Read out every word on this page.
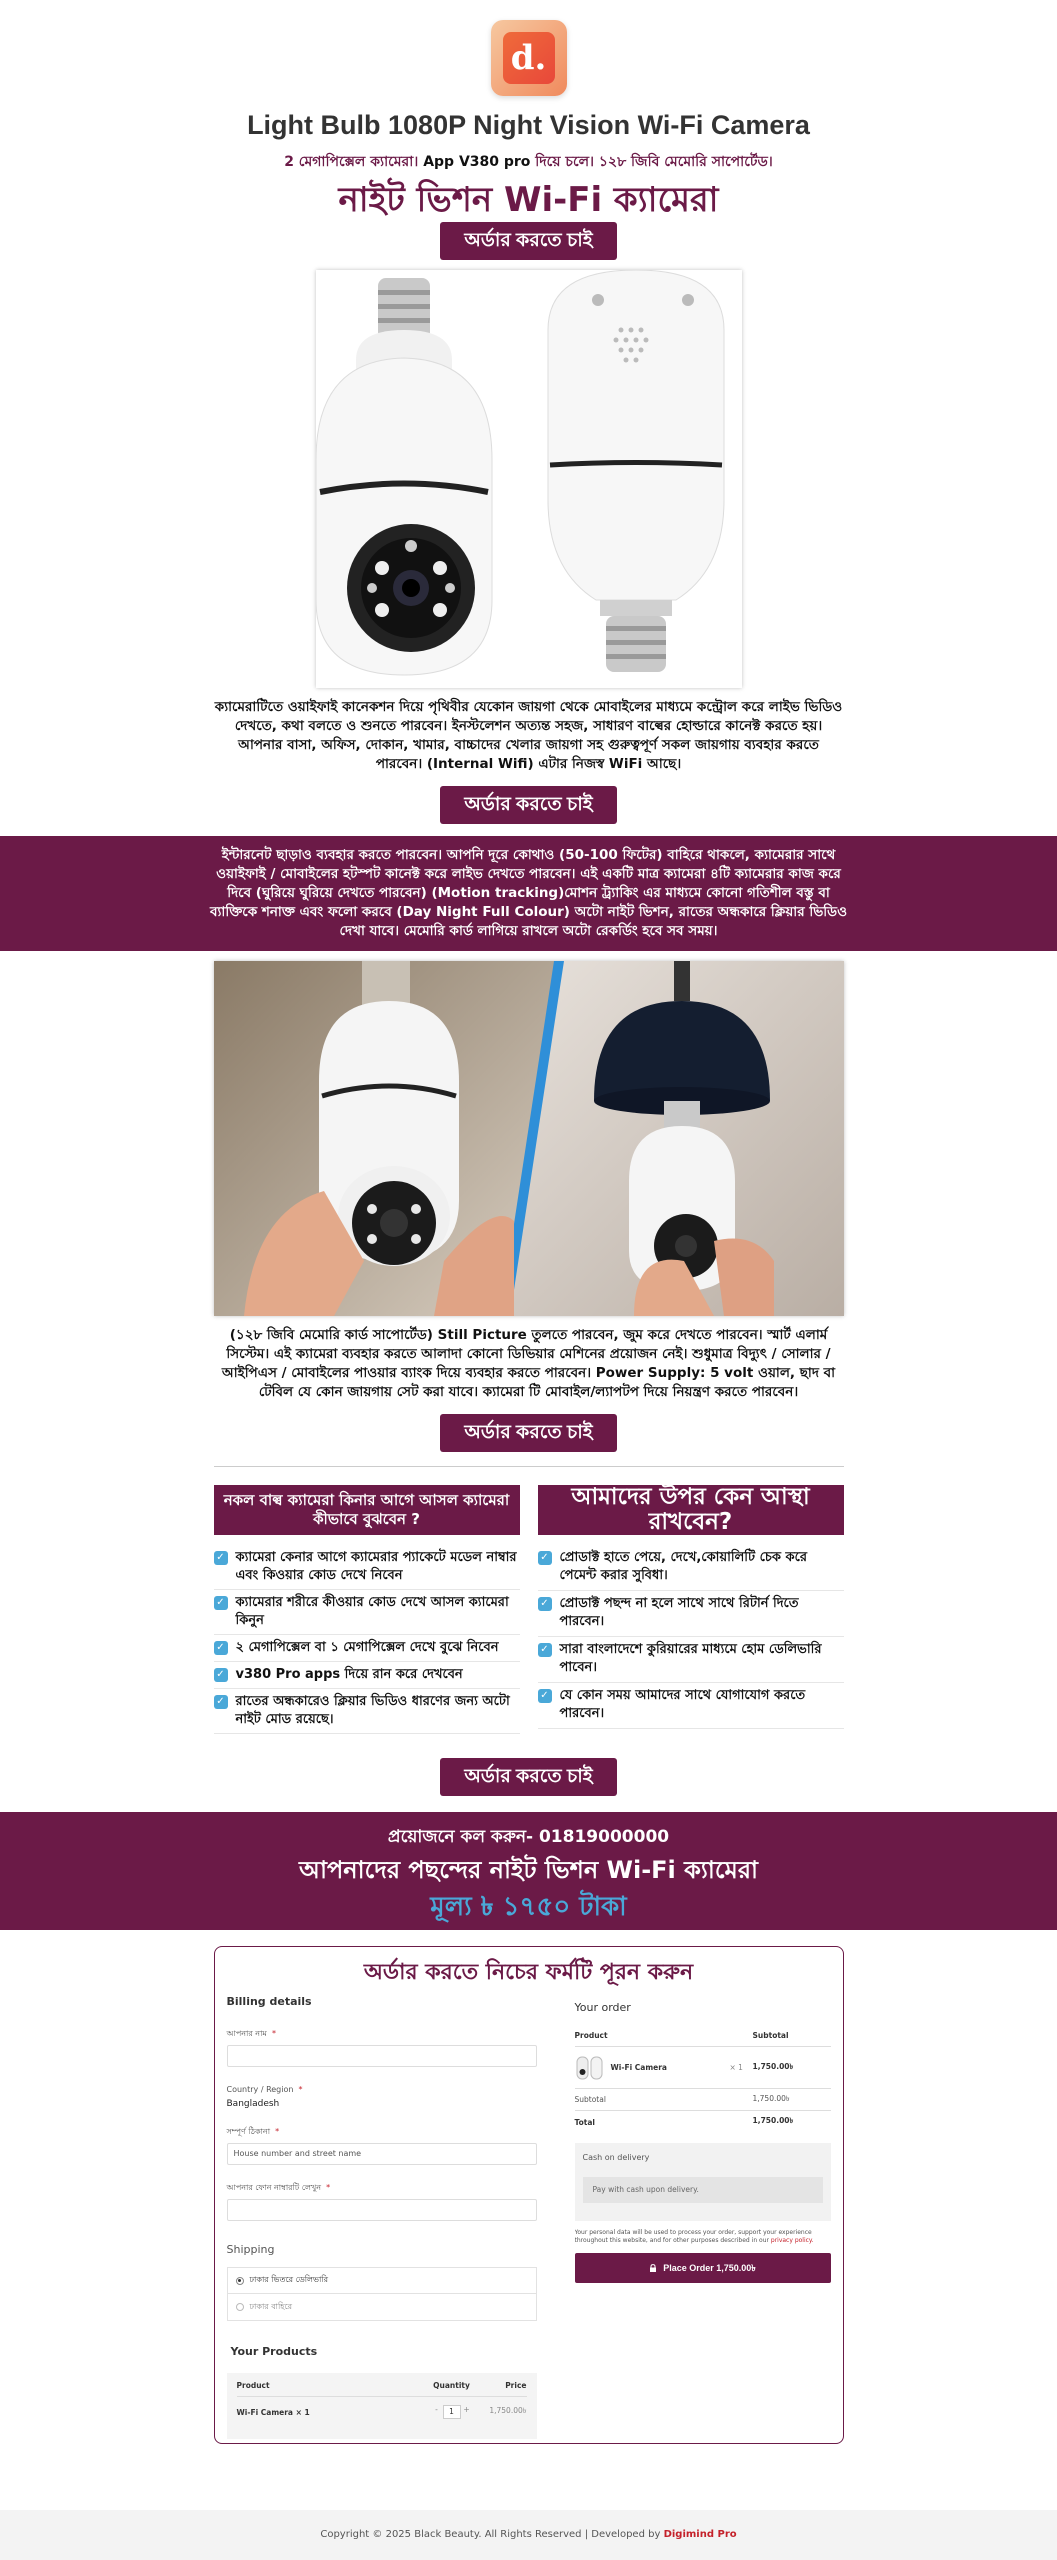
d.
Light Bulb 1080P Night Vision Wi-Fi Camera
2 মেগাপিক্সেল ক্যামেরা। App V380 pro দিয়ে চলে। ১২৮ জিবি মেমোরি সাপোর্টেড।
নাইট ভিশন Wi-Fi ক্যামেরা
অর্ডার করতে চাই
ক্যামেরাটিতে ওয়াইফাই কানেকশন দিয়ে পৃথিবীর যেকোন জায়গা থেকে মোবাইলের মাধ্যমে কন্ট্রোল করে লাইভ ভিডিও দেখতে, কথা বলতে ও শুনতে পারবেন। ইনস্টলেশন অত্যন্ত সহজ, সাধারণ বাল্বের হোল্ডারে কানেক্ট করতে হয়। আপনার বাসা, অফিস, দোকান, খামার, বাচ্চাদের খেলার জায়গা সহ গুরুত্বপূর্ণ সকল জায়গায় ব্যবহার করতে পারবেন। (Internal Wifi) এটার নিজস্ব WiFi আছে।
অর্ডার করতে চাই
ইন্টারনেট ছাড়াও ব্যবহার করতে পারবেন। আপনি দূরে কোথাও (50-100 ফিটের) বাহিরে থাকলে, ক্যামেরার সাথে ওয়াইফাই / মোবাইলের হটস্পট কানেক্ট করে লাইভ দেখতে পারবেন। এই একটি মাত্র ক্যামেরা ৪টি ক্যামেরার কাজ করে দিবে (ঘুরিয়ে ঘুরিয়ে দেখতে পারবেন) (Motion tracking)মোশন ট্র্যাকিং এর মাধ্যমে কোনো গতিশীল বস্তু বা ব্যাক্তিকে শনাক্ত এবং ফলো করবে (Day Night Full Colour) অটো নাইট ভিশন, রাতের অন্ধকারে ক্লিয়ার ভিডিও দেখা যাবে। মেমোরি কার্ড লাগিয়ে রাখলে অটো রেকর্ডিং হবে সব সময়।
(১২৮ জিবি মেমোরি কার্ড সাপোর্টেড) Still Picture তুলতে পারবেন, জুম করে দেখতে পারবেন। স্মার্ট এলার্ম সিস্টেম। এই ক্যামেরা ব্যবহার করতে আলাদা কোনো ডিভিয়ার মেশিনের প্রয়োজন নেই। শুধুমাত্র বিদ্যুৎ / সোলার / আইপিএস / মোবাইলের পাওয়ার ব্যাংক দিয়ে ব্যবহার করতে পারবেন। Power Supply: 5 volt ওয়াল, ছাদ বা টেবিল যে কোন জায়গায় সেট করা যাবে। ক্যামেরা টি মোবাইল/ল্যাপটপ দিয়ে নিয়ন্ত্রণ করতে পারবেন।
অর্ডার করতে চাই
নকল বাল্ব ক্যামেরা কিনার আগে আসল ক্যামেরা কীভাবে বুঝবেন ?
✓ ক্যামেরা কেনার আগে ক্যামেরার প্যাকেটে মডেল নাম্বার এবং কিওয়ার কোড দেখে নিবেন
✓ ক্যামেরার শরীরে কীওয়ার কোড দেখে আসল ক্যামেরা কিনুন
✓ ২ মেগাপিক্সেল বা ১ মেগাপিক্সেল দেখে বুঝে নিবেন
✓ v380 Pro apps দিয়ে রান করে দেখবেন
✓ রাতের অন্ধকারেও ক্লিয়ার ভিডিও ধারণের জন্য অটো নাইট মোড রয়েছে।
আমাদের উপর কেন আস্থা রাখবেন?
✓ প্রোডাক্ট হাতে পেয়ে, দেখে,কোয়ালিটি চেক করে পেমেন্ট করার সুবিধা।
✓ প্রোডাক্ট পছন্দ না হলে সাথে সাথে রিটার্ন দিতে পারবেন।
✓ সারা বাংলাদেশে কুরিয়ারের মাধ্যমে হোম ডেলিভারি পাবেন।
✓ যে কোন সময় আমাদের সাথে যোগাযোগ করতে পারবেন।
অর্ডার করতে চাই
প্রয়োজনে কল করুন- 01819000000
আপনাদের পছন্দের নাইট ভিশন Wi-Fi ক্যামেরা
মূল্য ৳ ১৭৫০ টাকা
অর্ডার করতে নিচের ফর্মটি পূরন করুন
Billing details
আপনার নাম *
Country / Region *
Bangladesh
সম্পূর্ণ ঠিকানা *
House number and street name
আপনার ফোন নাম্বারটি লেখুন *
Shipping
ঢাকার ভিতরে ডেলিভারি
ঢাকার বাহিরে
Your Products
Product	Quantity	Price
Wi-Fi Camera × 1	-	1	+	1,750.00৳
Your order
Product	Subtotal
Wi-Fi Camera	× 1	1,750.00৳
Subtotal	1,750.00৳
Total	1,750.00৳
Cash on delivery
Pay with cash upon delivery.
Your personal data will be used to process your order, support your experience throughout this website, and for other purposes described in our privacy policy.
Place Order 1,750.00৳
Copyright © 2025 Black Beauty. All Rights Reserved | Developed by Digimind Pro
